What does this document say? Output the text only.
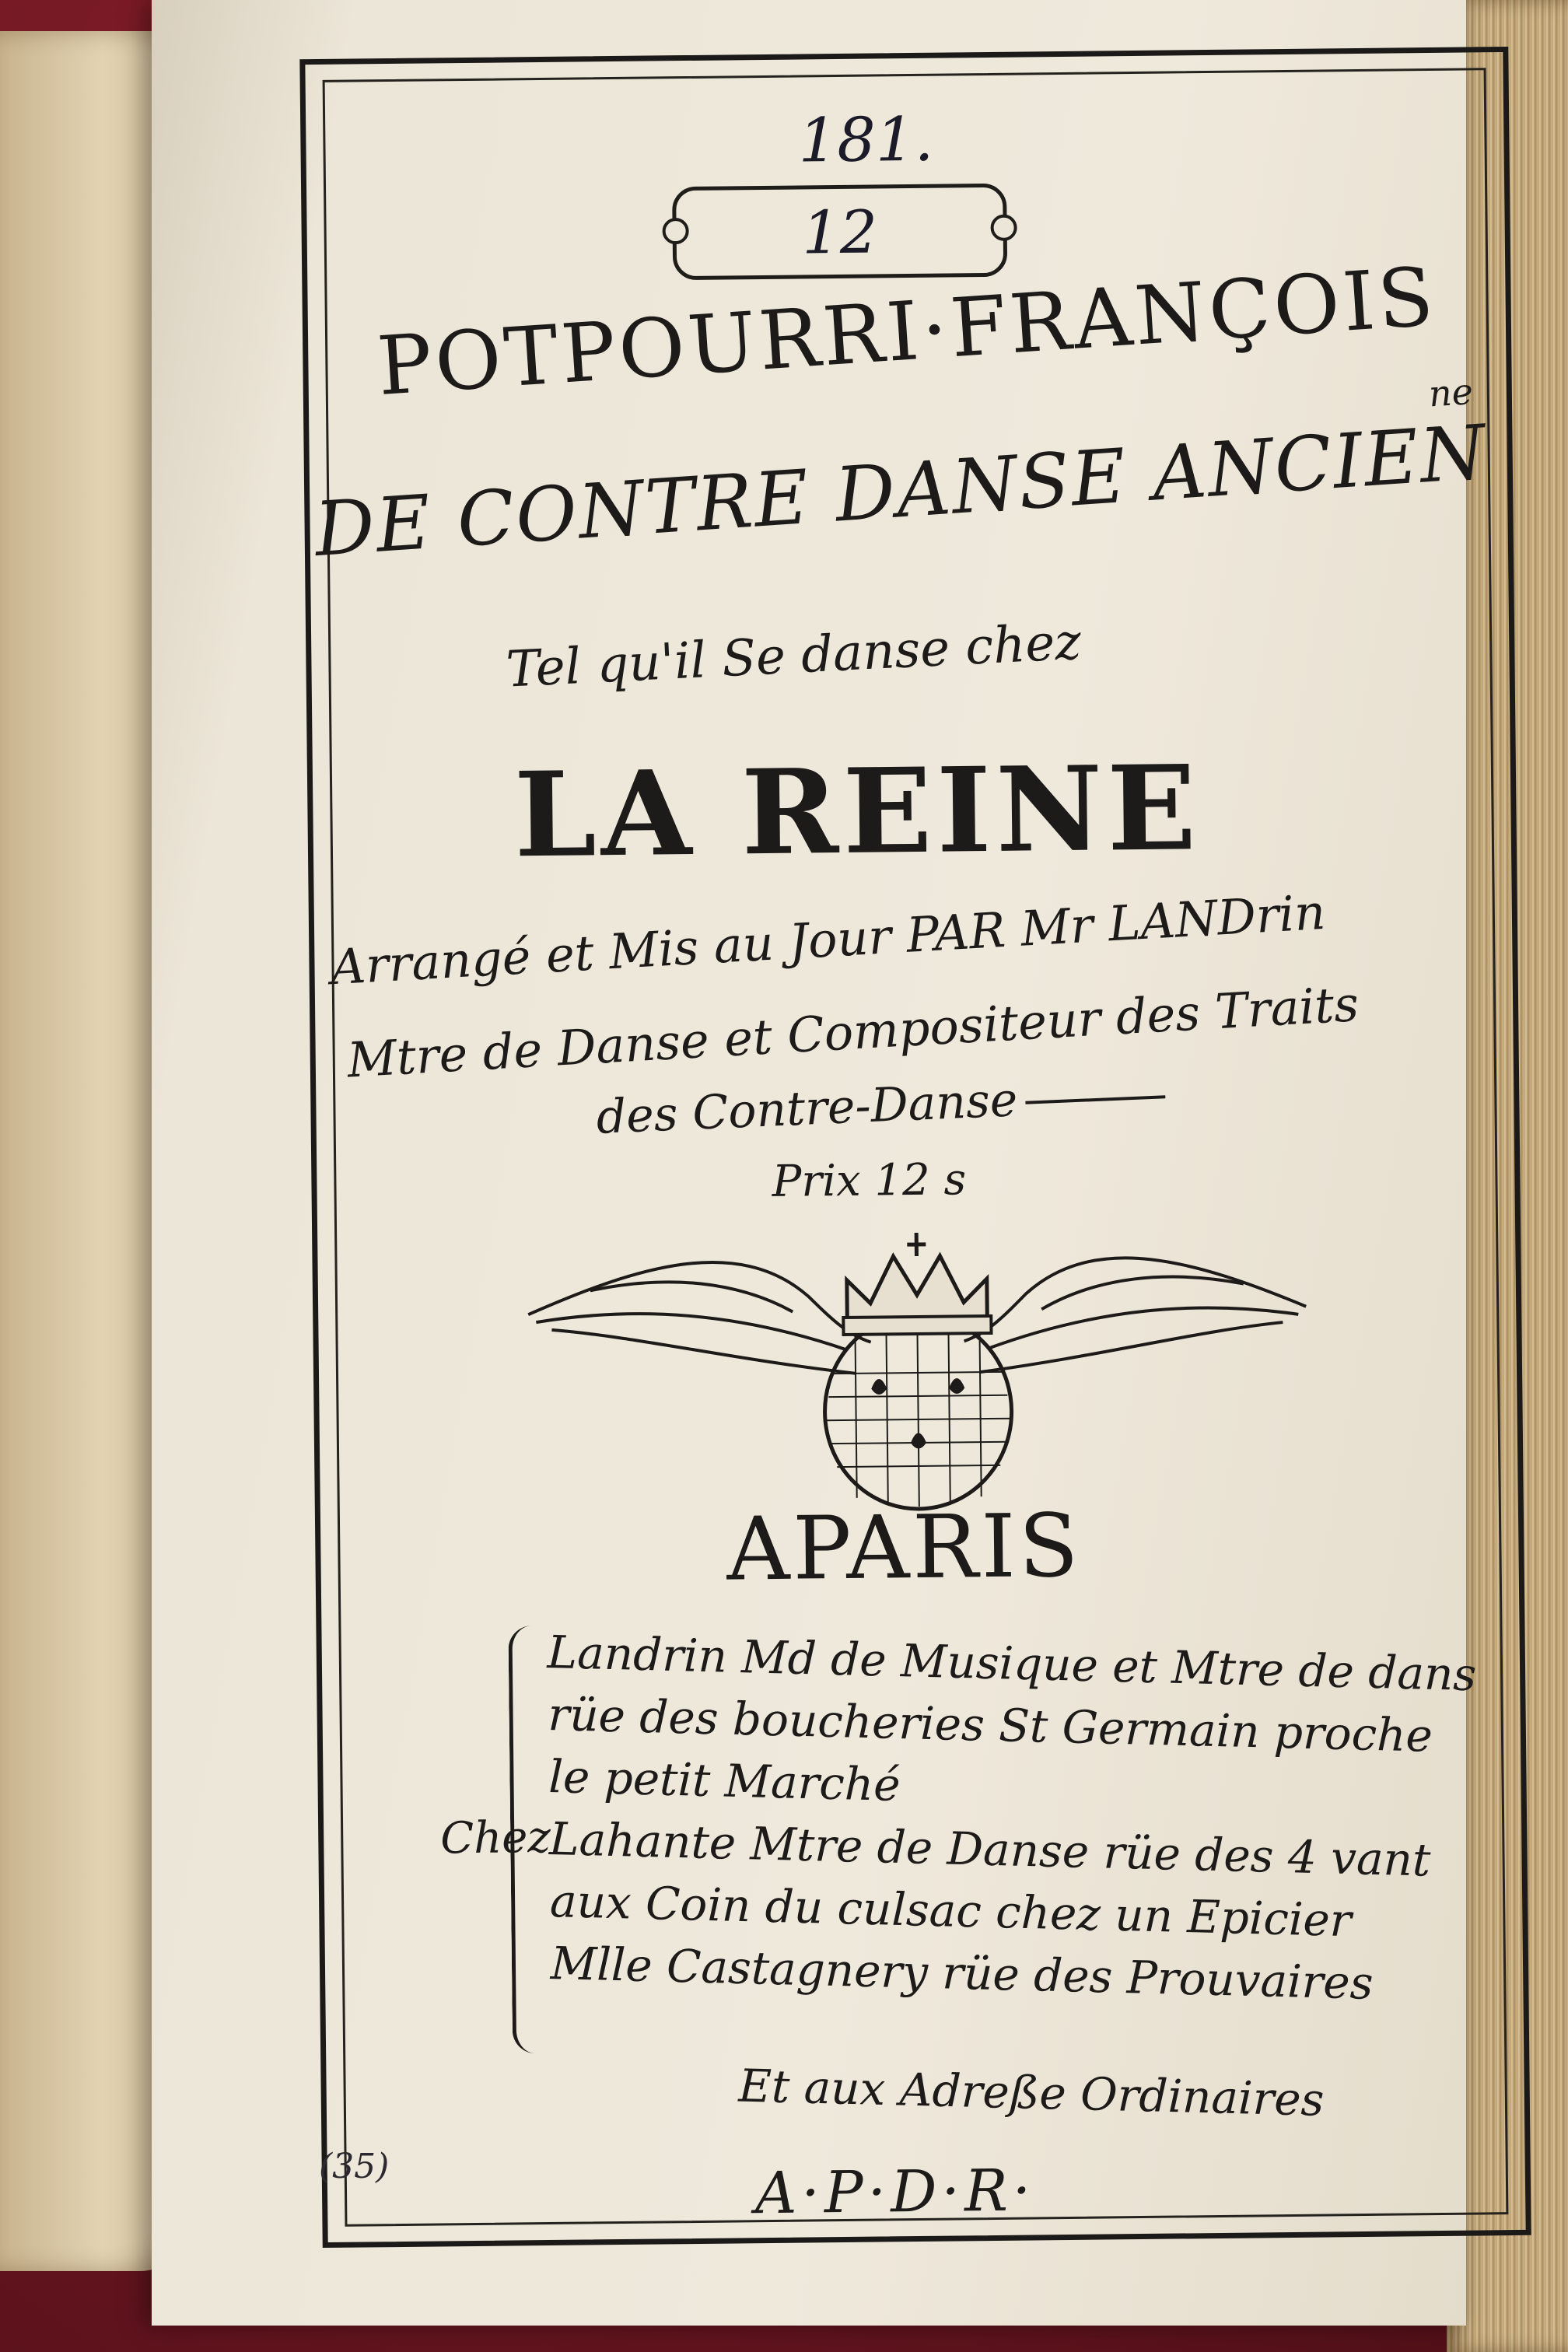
181.
12
POTPOURRI·FRANÇOIS
ne
DE CONTRE DANSE ANCIEN
Tel qu'il Se danse chez
LA REINE
Arrangé et Mis au Jour PAR Mr LANDrin
Mtre de Danse et Compositeur des Traits
des Contre-Danse
Prix 12 s
APARIS
Chez
Landrin Md de Musique et Mtre de dans
rüe des boucheries St Germain proche
le petit Marché
Lahante Mtre de Danse rüe des 4 vant
aux Coin du culsac chez un Epicier
Mlle Castagnery rüe des Prouvaires
Et aux Adreße Ordinaires
A·P·D·R·
(35)
